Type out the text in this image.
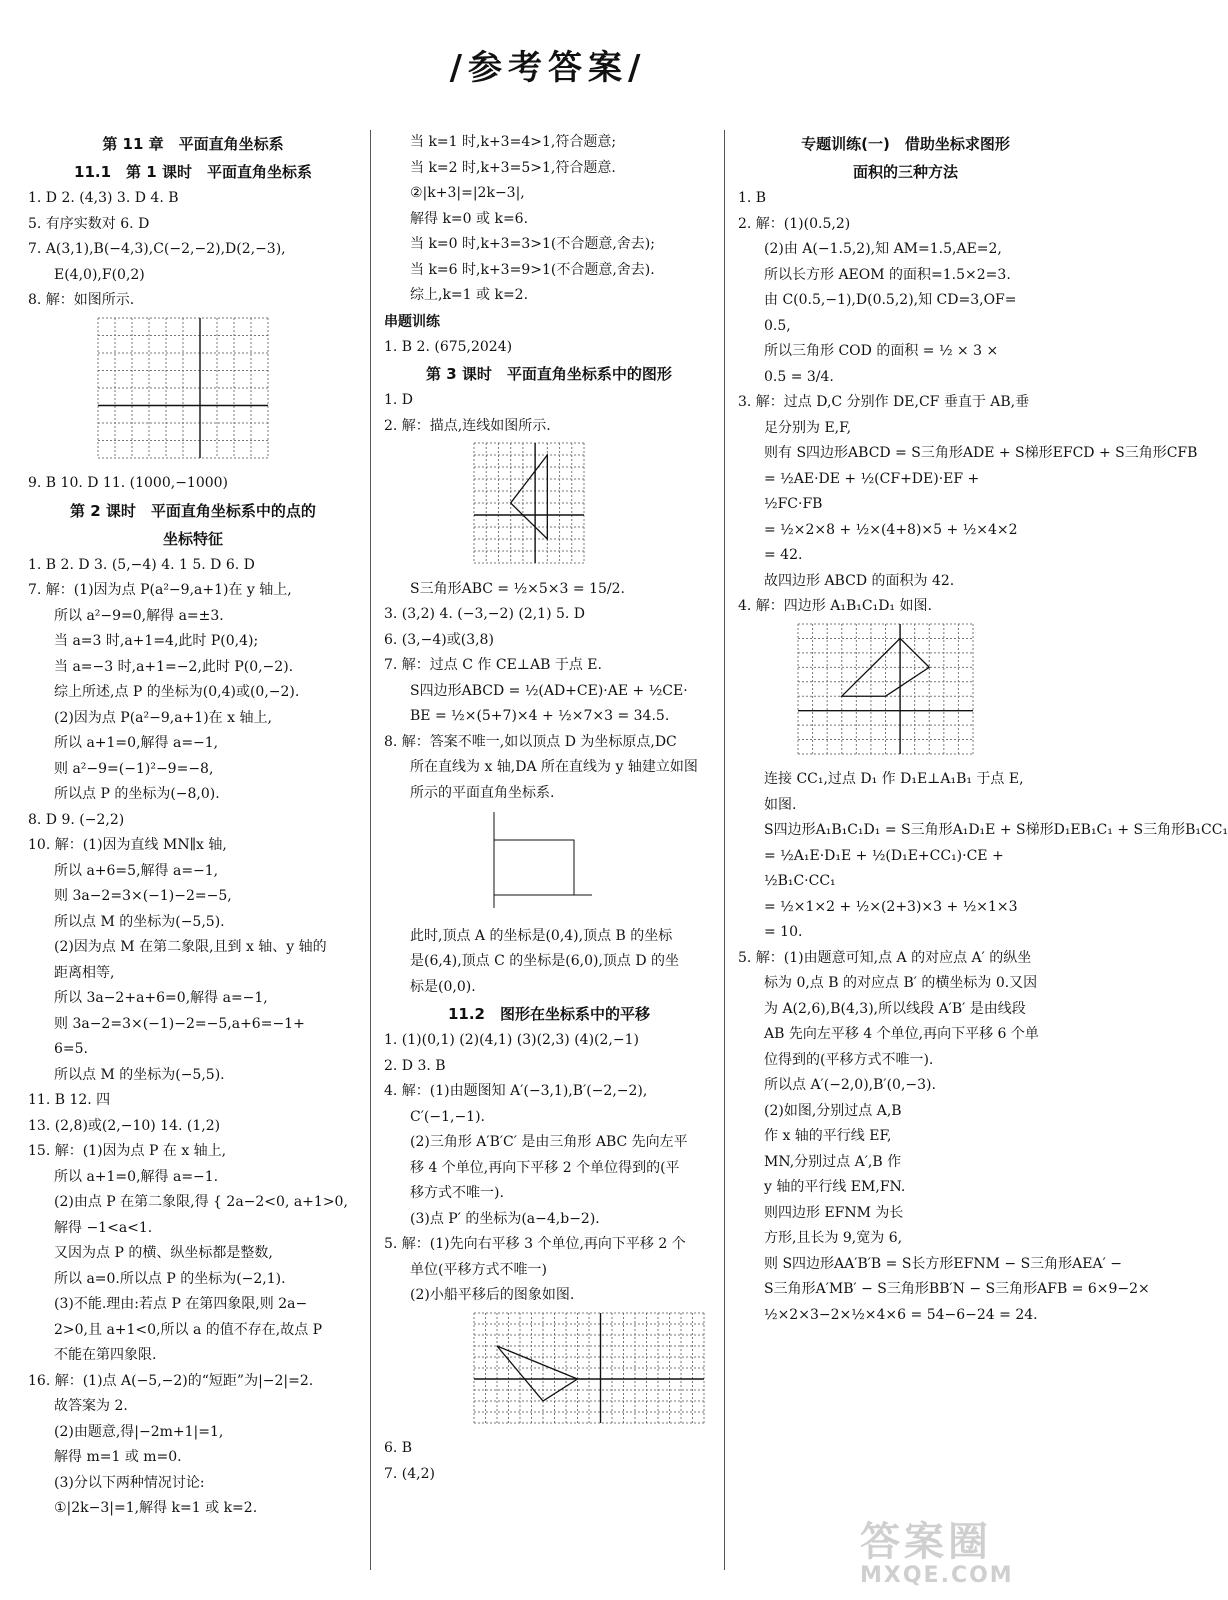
/参考答案/
第 11 章　平面直角坐标系
11.1　第 1 课时　平面直角坐标系
1. D 2. (4,3) 3. D 4. B
5. 有序实数对 6. D
7. A(3,1),B(−4,3),C(−2,−2),D(2,−3),
E(4,0),F(0,2)
8. 解：如图所示.
9. B 10. D 11. (1000,−1000)
第 2 课时　平面直角坐标系中的点的
坐标特征
1. B 2. D 3. (5,−4) 4. 1 5. D 6. D
7. 解：(1)因为点 P(a²−9,a+1)在 y 轴上,
所以 a²−9=0,解得 a=±3.
当 a=3 时,a+1=4,此时 P(0,4);
当 a=−3 时,a+1=−2,此时 P(0,−2).
综上所述,点 P 的坐标为(0,4)或(0,−2).
(2)因为点 P(a²−9,a+1)在 x 轴上,
所以 a+1=0,解得 a=−1,
则 a²−9=(−1)²−9=−8,
所以点 P 的坐标为(−8,0).
8. D 9. (−2,2)
10. 解：(1)因为直线 MN∥x 轴,
所以 a+6=5,解得 a=−1,
则 3a−2=3×(−1)−2=−5,
所以点 M 的坐标为(−5,5).
(2)因为点 M 在第二象限,且到 x 轴、y 轴的
距离相等,
所以 3a−2+a+6=0,解得 a=−1,
则 3a−2=3×(−1)−2=−5,a+6=−1+
6=5.
所以点 M 的坐标为(−5,5).
11. B 12. 四
13. (2,8)或(2,−10) 14. (1,2)
15. 解：(1)因为点 P 在 x 轴上,
所以 a+1=0,解得 a=−1.
(2)由点 P 在第二象限,得 { 2a−2<0, a+1>0,
解得 −1<a<1.
又因为点 P 的横、纵坐标都是整数,
所以 a=0.所以点 P 的坐标为(−2,1).
(3)不能.理由:若点 P 在第四象限,则 2a−
2>0,且 a+1<0,所以 a 的值不存在,故点 P
不能在第四象限.
16. 解：(1)点 A(−5,−2)的“短距”为|−2|=2.
故答案为 2.
(2)由题意,得|−2m+1|=1,
解得 m=1 或 m=0.
(3)分以下两种情况讨论:
①|2k−3|=1,解得 k=1 或 k=2.
当 k=1 时,k+3=4>1,符合题意;
当 k=2 时,k+3=5>1,符合题意.
②|k+3|=|2k−3|,
解得 k=0 或 k=6.
当 k=0 时,k+3=3>1(不合题意,舍去);
当 k=6 时,k+3=9>1(不合题意,舍去).
综上,k=1 或 k=2.
串题训练
1. B 2. (675,2024)
第 3 课时　平面直角坐标系中的图形
1. D
2. 解：描点,连线如图所示.
S三角形ABC = ½×5×3 = 15/2.
3. (3,2) 4. (−3,−2) (2,1) 5. D
6. (3,−4)或(3,8)
7. 解：过点 C 作 CE⊥AB 于点 E.
S四边形ABCD = ½(AD+CE)·AE + ½CE·
BE = ½×(5+7)×4 + ½×7×3 = 34.5.
8. 解：答案不唯一,如以顶点 D 为坐标原点,DC
所在直线为 x 轴,DA 所在直线为 y 轴建立如图
所示的平面直角坐标系.
此时,顶点 A 的坐标是(0,4),顶点 B 的坐标
是(6,4),顶点 C 的坐标是(6,0),顶点 D 的坐
标是(0,0).
11.2　图形在坐标系中的平移
1. (1)(0,1) (2)(4,1) (3)(2,3) (4)(2,−1)
2. D 3. B
4. 解：(1)由题图知 A′(−3,1),B′(−2,−2),
C′(−1,−1).
(2)三角形 A′B′C′ 是由三角形 ABC 先向左平
移 4 个单位,再向下平移 2 个单位得到的(平
移方式不唯一).
(3)点 P′ 的坐标为(a−4,b−2).
5. 解：(1)先向右平移 3 个单位,再向下平移 2 个
单位(平移方式不唯一)
(2)小船平移后的图象如图.
6. B
7. (4,2)
专题训练(一)　借助坐标求图形
面积的三种方法
1. B
2. 解：(1)(0.5,2)
(2)由 A(−1.5,2),知 AM=1.5,AE=2,
所以长方形 AEOM 的面积=1.5×2=3.
由 C(0.5,−1),D(0.5,2),知 CD=3,OF=
0.5,
所以三角形 COD 的面积 = ½ × 3 ×
0.5 = 3/4.
3. 解：过点 D,C 分别作 DE,CF 垂直于 AB,垂
足分别为 E,F,
则有 S四边形ABCD = S三角形ADE + S梯形EFCD + S三角形CFB
= ½AE·DE + ½(CF+DE)·EF +
½FC·FB
= ½×2×8 + ½×(4+8)×5 + ½×4×2
= 42.
故四边形 ABCD 的面积为 42.
4. 解：四边形 A₁B₁C₁D₁ 如图.
连接 CC₁,过点 D₁ 作 D₁E⊥A₁B₁ 于点 E,
如图.
S四边形A₁B₁C₁D₁ = S三角形A₁D₁E + S梯形D₁EB₁C₁ + S三角形B₁CC₁
= ½A₁E·D₁E + ½(D₁E+CC₁)·CE +
½B₁C·CC₁
= ½×1×2 + ½×(2+3)×3 + ½×1×3
= 10.
5. 解：(1)由题意可知,点 A 的对应点 A′ 的纵坐
标为 0,点 B 的对应点 B′ 的横坐标为 0.又因
为 A(2,6),B(4,3),所以线段 A′B′ 是由线段
AB 先向左平移 4 个单位,再向下平移 6 个单
位得到的(平移方式不唯一).
所以点 A′(−2,0),B′(0,−3).
(2)如图,分别过点 A,B
作 x 轴的平行线 EF,
MN,分别过点 A′,B 作
y 轴的平行线 EM,FN.
则四边形 EFNM 为长
方形,且长为 9,宽为 6,
则 S四边形AA′B′B = S长方形EFNM − S三角形AEA′ −
S三角形A′MB′ − S三角形BB′N − S三角形AFB = 6×9−2×
½×2×3−2×½×4×6 = 54−6−24 = 24.
答案圈
MXQE.COM
